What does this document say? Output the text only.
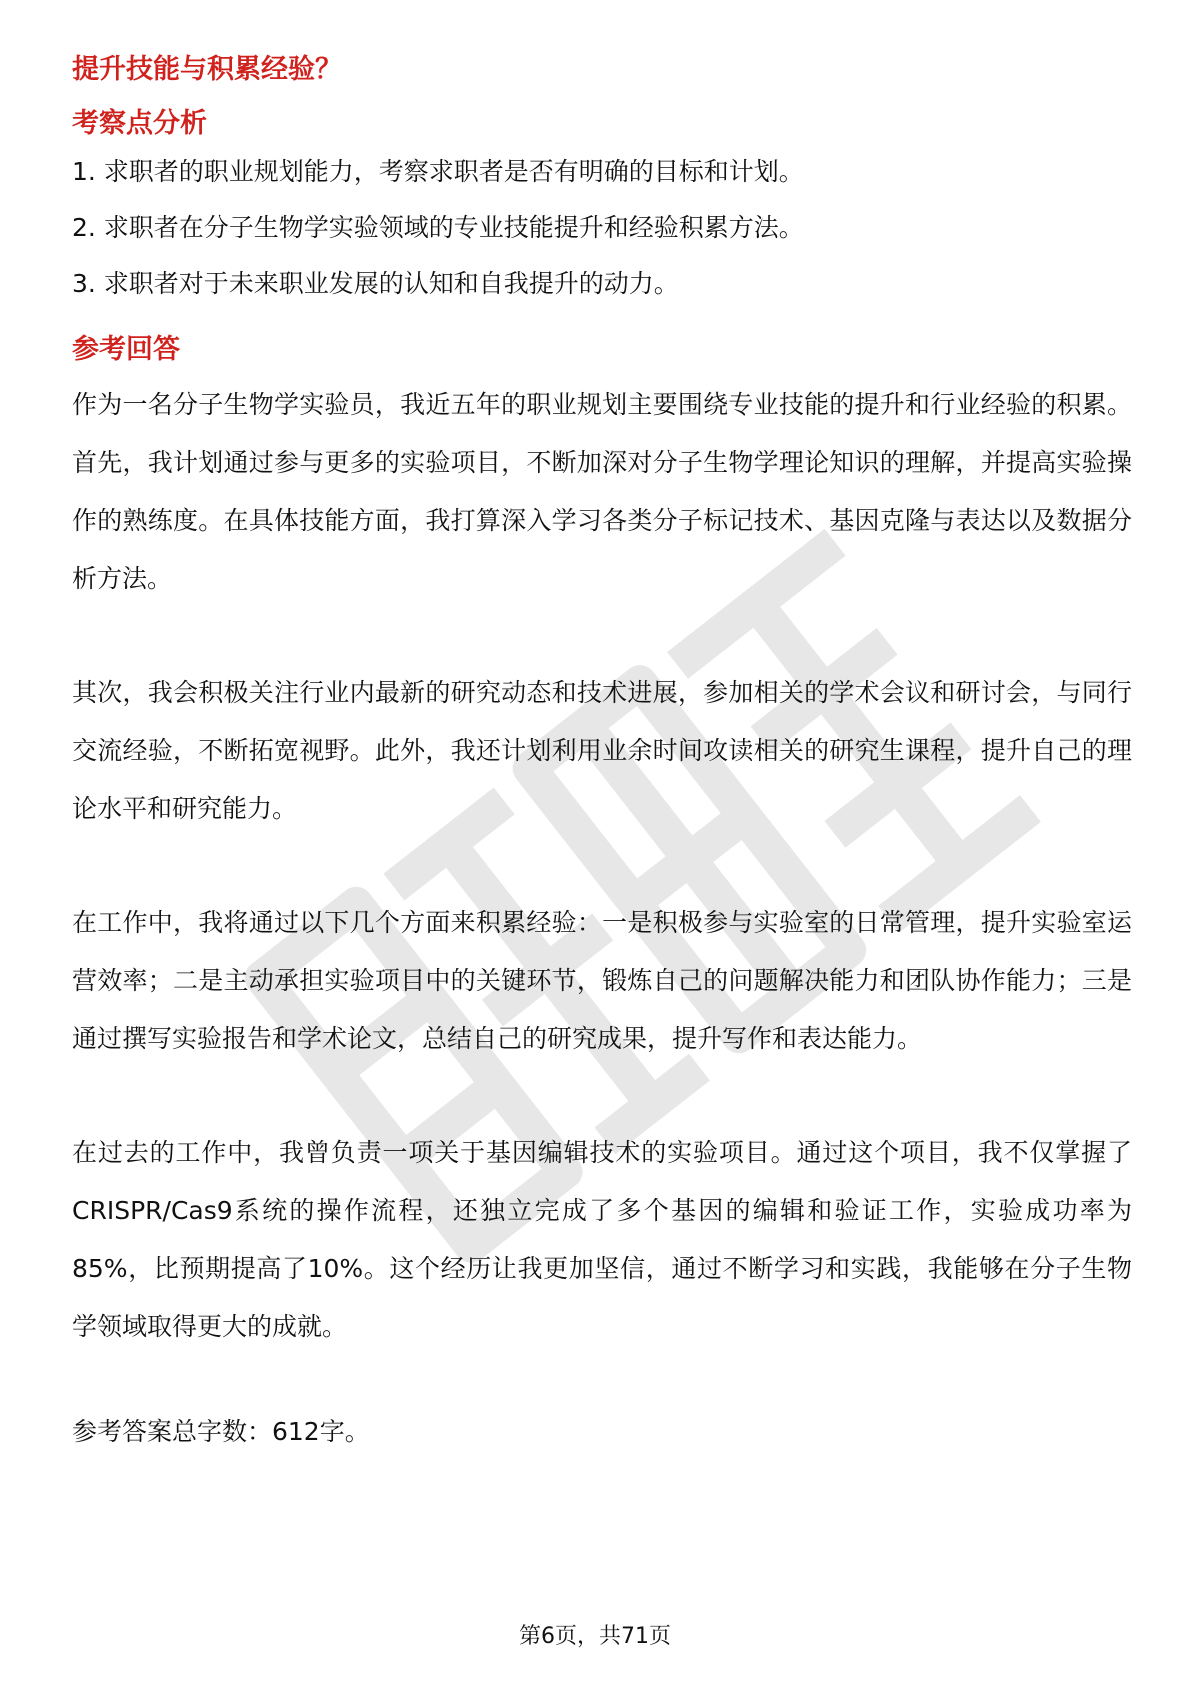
提升技能与积累经验？
考察点分析
1. 求职者的职业规划能力，考察求职者是否有明确的目标和计划。
2. 求职者在分子生物学实验领域的专业技能提升和经验积累方法。
3. 求职者对于未来职业发展的认知和自我提升的动力。
参考回答

作为一名分子生物学实验员，我近五年的职业规划主要围绕专业技能的提升和行业经验的积累。首先，我计划通过参与更多的实验项目，不断加深对分子生物学理论知识的理解，并提高实验操作的熟练度。在具体技能方面，我打算深入学习各类分子标记技术、基因克隆与表达以及数据分析方法。

其次，我会积极关注行业内最新的研究动态和技术进展，参加相关的学术会议和研讨会，与同行交流经验，不断拓宽视野。此外，我还计划利用业余时间攻读相关的研究生课程，提升自己的理论水平和研究能力。

在工作中，我将通过以下几个方面来积累经验：一是积极参与实验室的日常管理，提升实验室运营效率；二是主动承担实验项目中的关键环节，锻炼自己的问题解决能力和团队协作能力；三是通过撰写实验报告和学术论文，总结自己的研究成果，提升写作和表达能力。

在过去的工作中，我曾负责一项关于基因编辑技术的实验项目。通过这个项目，我不仅掌握了CRISPR/Cas9系统的操作流程，还独立完成了多个基因的编辑和验证工作，实验成功率为85%，比预期提高了10%。这个经历让我更加坚信，通过不断学习和实践，我能够在分子生物学领域取得更大的成就。

参考答案总字数：612字。

第6页，共71页
